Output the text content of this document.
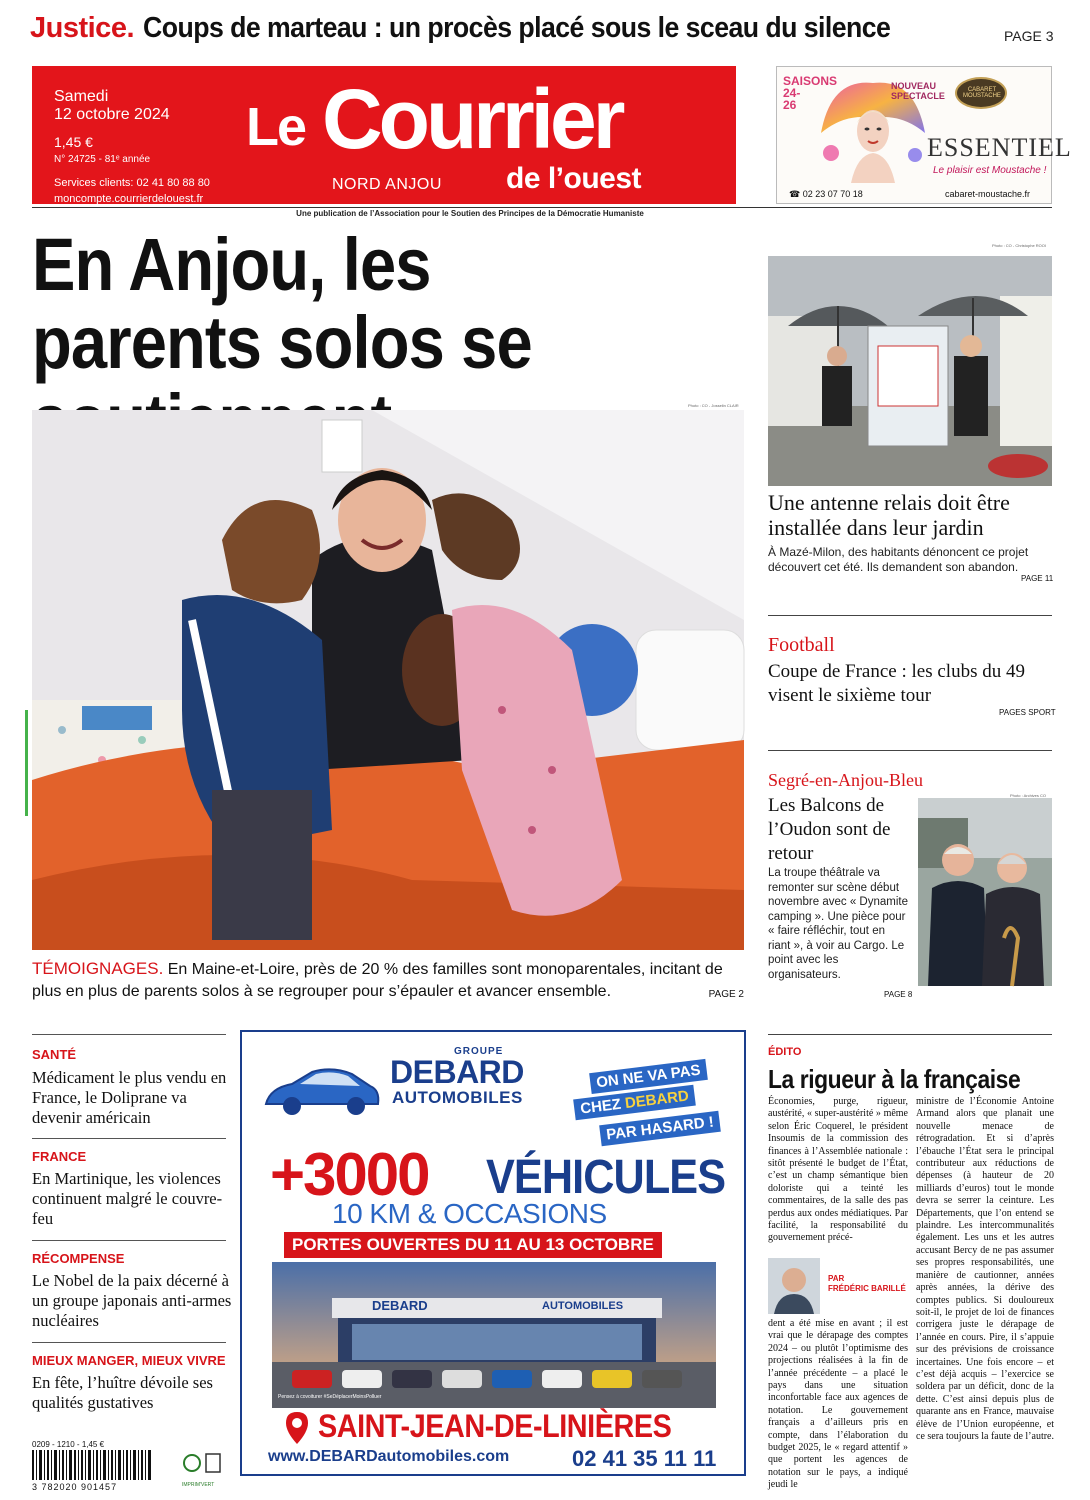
Justice. Coups de marteau : un procès placé sous le sceau du silence	PAGE 3
Samedi
12 octobre 2024
1,45 €
N° 24725 - 81ᵉ année
Services clients: 02 41 80 88 80
moncompte.courrierdelouest.fr
Le Courrier
NORD ANJOU de l’ouest
SAISONS 24-26
NOUVEAU SPECTACLE
CABARET MOUSTACHE
ESSENTIEL
Le plaisir est Moustache !
☎ 02 23 07 70 18	cabaret-moustache.fr
Une publication de l’Association pour le Soutien des Principes de la Démocratie Humaniste
En Anjou, les parents solos se
Photo : CO - Josselin CLAIR
TÉMOIGNAGES. En Maine-et-Loire, près de 20 % des familles sont monoparentales, incitant de plus en plus de parents solos à se regrouper pour s’épauler et avancer ensemble.	PAGE 2
Photo : CO - Christophe ROOI
Une antenne relais doit être installée dans leur jardin
À Mazé-Milon, des habitants dénoncent ce projet découvert cet été. Ils demandent son abandon.
PAGE 11
Football
Coupe de France : les clubs du 49 visent le sixième tour
PAGES SPORT
Segré-en-Anjou-Bleu
Photo : Archives CO
Les Balcons de l’Oudon sont de retour
La troupe théâtrale va remonter sur scène début novembre avec « Dynamite camping ». Une pièce pour « faire réfléchir, tout en riant », à voir au Cargo. Le point avec les organisateurs.
PAGE 8
SANTÉ
Médicament le plus vendu en France, le Doliprane va devenir américain
FRANCE
En Martinique, les violences continuent malgré le couvre-feu
RÉCOMPENSE
Le Nobel de la paix décerné à un groupe japonais anti-armes nucléaires
MIEUX MANGER, MIEUX VIVRE
En fête, l’huître dévoile ses qualités gustatives
0209 - 1210 - 1,45 €
3 782020 901457	IMPRIM'VERT
GROUPE
DEBARD
AUTOMOBILES
ON NE VA PAS
CHEZ DEBARD
PAR HASARD !
+3000 VÉHICULES
10 KM & OCCASIONS
PORTES OUVERTES DU 11 AU 13 OCTOBRE
DEBARD	AUTOMOBILES
Pensez à covoiturer #SeDéplacerMoinsPolluer
SAINT-JEAN-DE-LINIÈRES
www.DEBARDautomobiles.com	02 41 35 11 11
ÉDITO
La rigueur à la française
Économies, purge, rigueur, austérité, « super-austérité » même selon Éric Coquerel, le président Insoumis de la commission des finances à l’Assemblée nationale : sitôt présenté le budget de l’État, c’est un champ sémantique bien doloriste qui a teinté les commentaires, de la salle des pas perdus aux ondes médiatiques. Par facilité, la responsabilité du gouvernement précé-
PAR
FRÉDÉRIC BARILLÉ
dent a été mise en avant ; il est vrai que le dérapage des comptes 2024 – ou plutôt l’optimisme des projections réalisées à la fin de l’année précédente – a placé le pays dans une situation inconfortable face aux agences de notation. Le gouvernement français a d’ailleurs pris en compte, dans l’élaboration du budget 2025, le « regard attentif » que portent les agences de notation sur le pays, a indiqué jeudi le
ministre de l’Économie Antoine Armand alors que planait une nouvelle menace de rétrogradation. Et si d’après l’ébauche l’État sera le principal contributeur aux réductions de dépenses (à hauteur de 20 milliards d’euros) tout le monde devra se serrer la ceinture. Les Départements, que l’on entend se plaindre. Les intercommunalités également. Les uns et les autres accusant Bercy de ne pas assumer ses propres responsabilités, une manière de cautionner, années après années, la dérive des comptes publics. Si douloureux soit-il, le projet de loi de finances corrigera juste le dérapage de l’année en cours. Pire, il s’appuie sur des prévisions de croissance incertaines. Une fois encore – et c’est déjà acquis – l’exercice se soldera par un déficit, donc de la dette. C’est ainsi depuis plus de quarante ans en France, mauvaise élève de l’Union européenne, et ce sera toujours la faute de l’autre.
